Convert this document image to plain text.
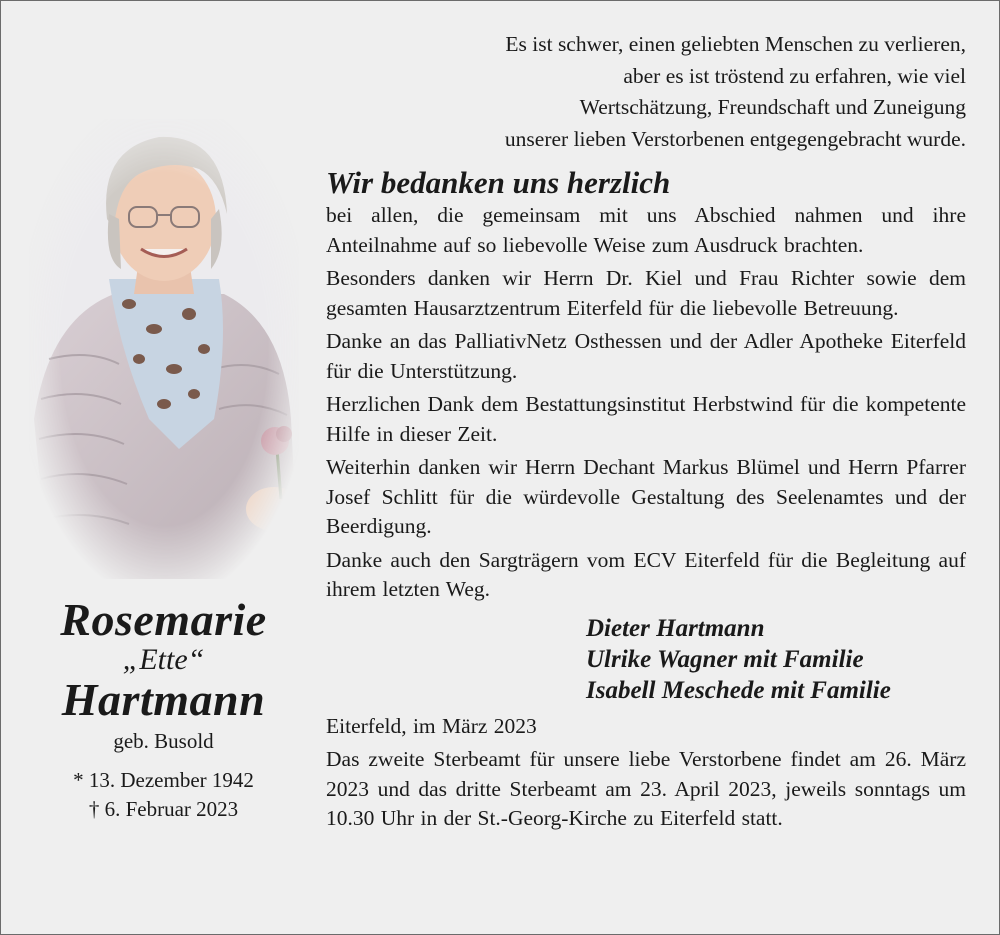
Rosemarie
„Ette“
Hartmann
geb. Busold
* 13. Dezember 1942
† 6. Februar 2023

Es ist schwer, einen geliebten Menschen zu verlieren,
aber es ist tröstend zu erfahren, wie viel
Wertschätzung, Freundschaft und Zuneigung
unserer lieben Verstorbenen entgegengebracht wurde.

Wir bedanken uns herzlich

bei allen, die gemeinsam mit uns Abschied nahmen und ihre Anteilnahme auf so liebevolle Weise zum Ausdruck brachten.

Besonders danken wir Herrn Dr. Kiel und Frau Richter sowie dem gesamten Hausarztzentrum Eiterfeld für die liebevolle Betreuung.

Danke an das PalliativNetz Osthessen und der Adler Apotheke Eiterfeld für die Unterstützung.

Herzlichen Dank dem Bestattungsinstitut Herbstwind für die kompetente Hilfe in dieser Zeit.

Weiterhin danken wir Herrn Dechant Markus Blümel und Herrn Pfarrer Josef Schlitt für die würdevolle Gestaltung des Seelenamtes und der Beerdigung.

Danke auch den Sargträgern vom ECV Eiterfeld für die Begleitung auf ihrem letzten Weg.

Dieter Hartmann
Ulrike Wagner mit Familie
Isabell Meschede mit Familie

Eiterfeld, im März 2023

Das zweite Sterbeamt für unsere liebe Verstorbene findet am 26. März 2023 und das dritte Sterbeamt am 23. April 2023, jeweils sonntags um 10.30 Uhr in der St.-Georg-Kirche zu Eiterfeld statt.
